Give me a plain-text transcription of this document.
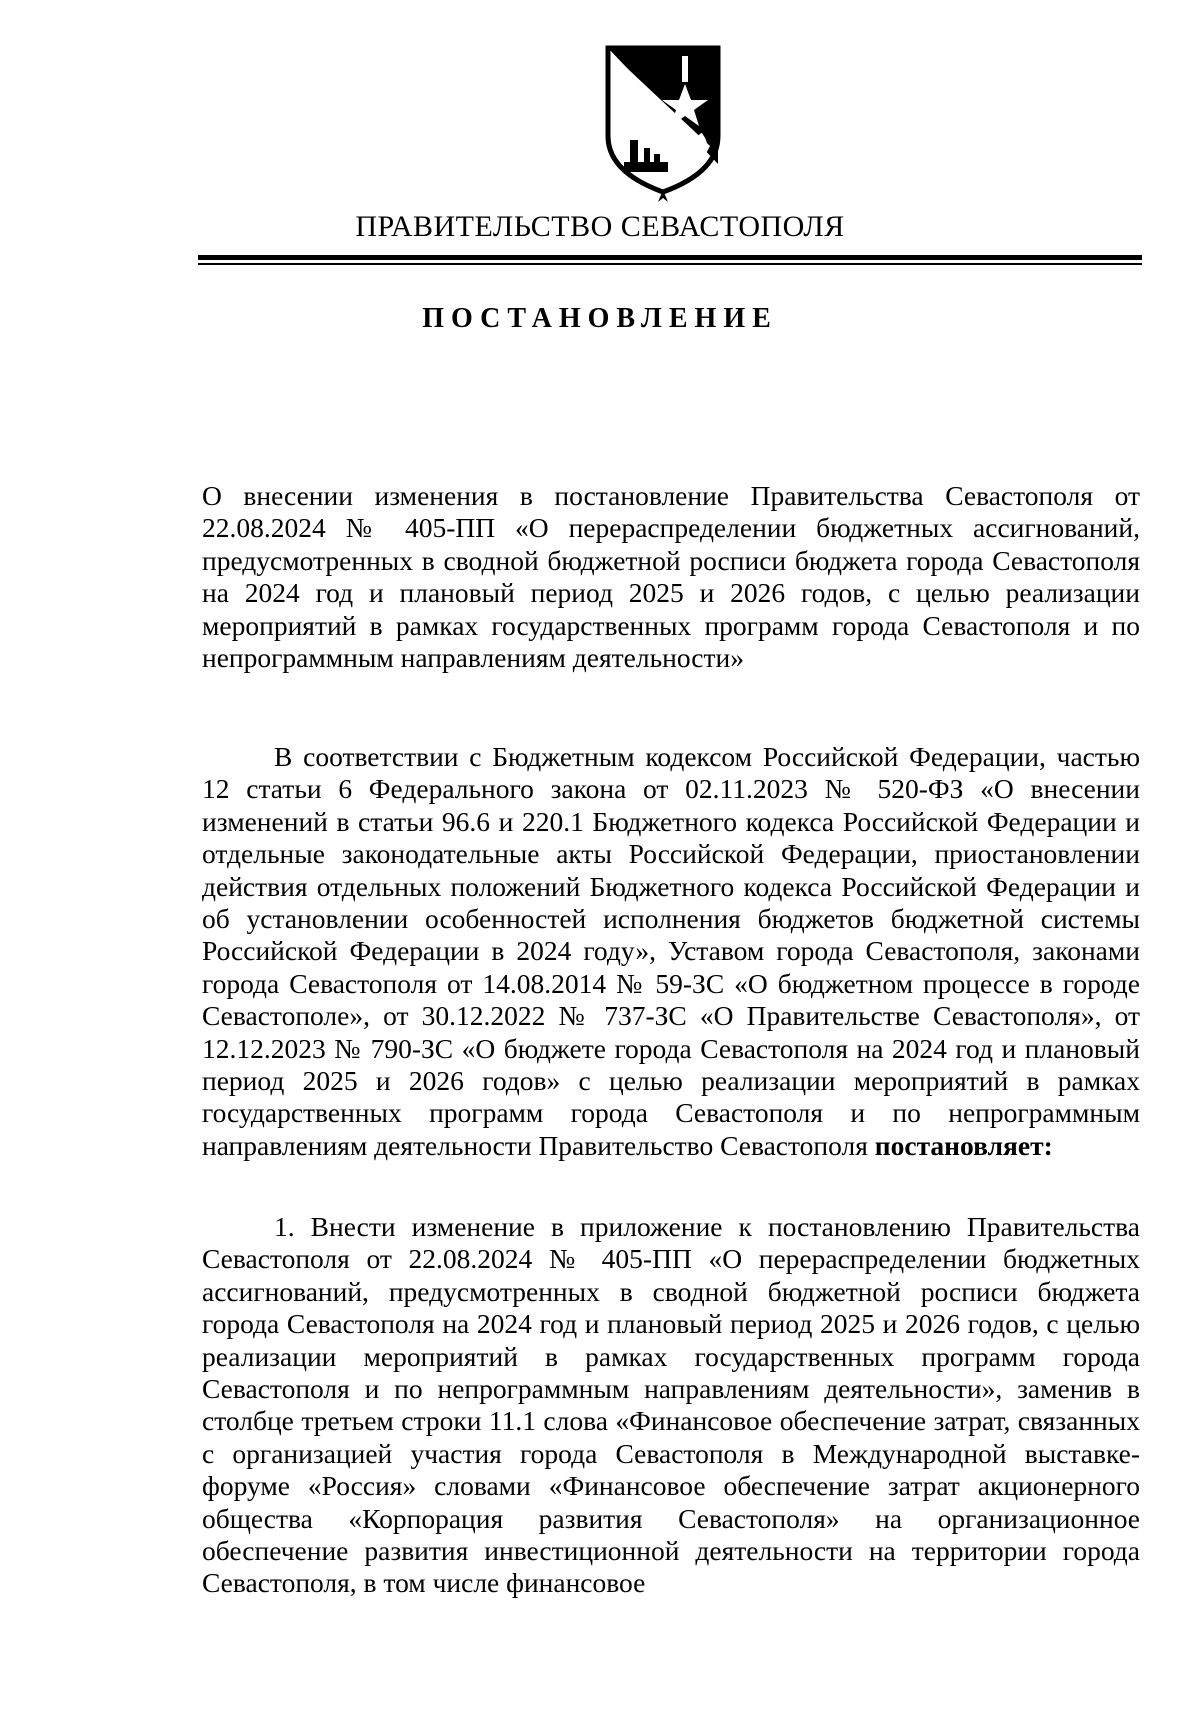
ПРАВИТЕЛЬСТВО СЕВАСТОПОЛЯ
ПОСТАНОВЛЕНИЕ
О внесении изменения в постановление Правительства Севастополя от 22.08.2024 № 405-ПП «О перераспределении бюджетных ассигнований, предусмотренных в сводной бюджетной росписи бюджета города Севастополя на 2024 год и плановый период 2025 и 2026 годов, с целью реализации мероприятий в рамках государственных программ города Севастополя и по непрограммным направлениям деятельности»
В соответствии с Бюджетным кодексом Российской Федерации, частью 12 статьи 6 Федерального закона от 02.11.2023 № 520-ФЗ «О внесении изменений в статьи 96.6 и 220.1 Бюджетного кодекса Российской Федерации и отдельные законодательные акты Российской Федерации, приостановлении действия отдельных положений Бюджетного кодекса Российской Федерации и об установлении особенностей исполнения бюджетов бюджетной системы Российской Федерации в 2024 году», Уставом города Севастополя, законами города Севастополя от 14.08.2014 № 59-ЗС «О бюджетном процессе в городе Севастополе», от 30.12.2022 № 737-ЗС «О Правительстве Севастополя», от 12.12.2023 № 790-ЗС «О бюджете города Севастополя на 2024 год и плановый период 2025 и 2026 годов» с целью реализации мероприятий в рамках государственных программ города Севастополя и по непрограммным направлениям деятельности Правительство Севастополя постановляет:
1. Внести изменение в приложение к постановлению Правительства Севастополя от 22.08.2024 № 405-ПП «О перераспределении бюджетных ассигнований, предусмотренных в сводной бюджетной росписи бюджета города Севастополя на 2024 год и плановый период 2025 и 2026 годов, с целью реализации мероприятий в рамках государственных программ города Севастополя и по непрограммным направлениям деятельности», заменив в столбце третьем строки 11.1 слова «Финансовое обеспечение затрат, связанных с организацией участия города Севастополя в Международной выставке-форуме «Россия» словами «Финансовое обеспечение затрат акционерного общества «Корпорация развития Севастополя» на организационное обеспечение развития инвестиционной деятельности на территории города Севастополя, в том числе финансовое
